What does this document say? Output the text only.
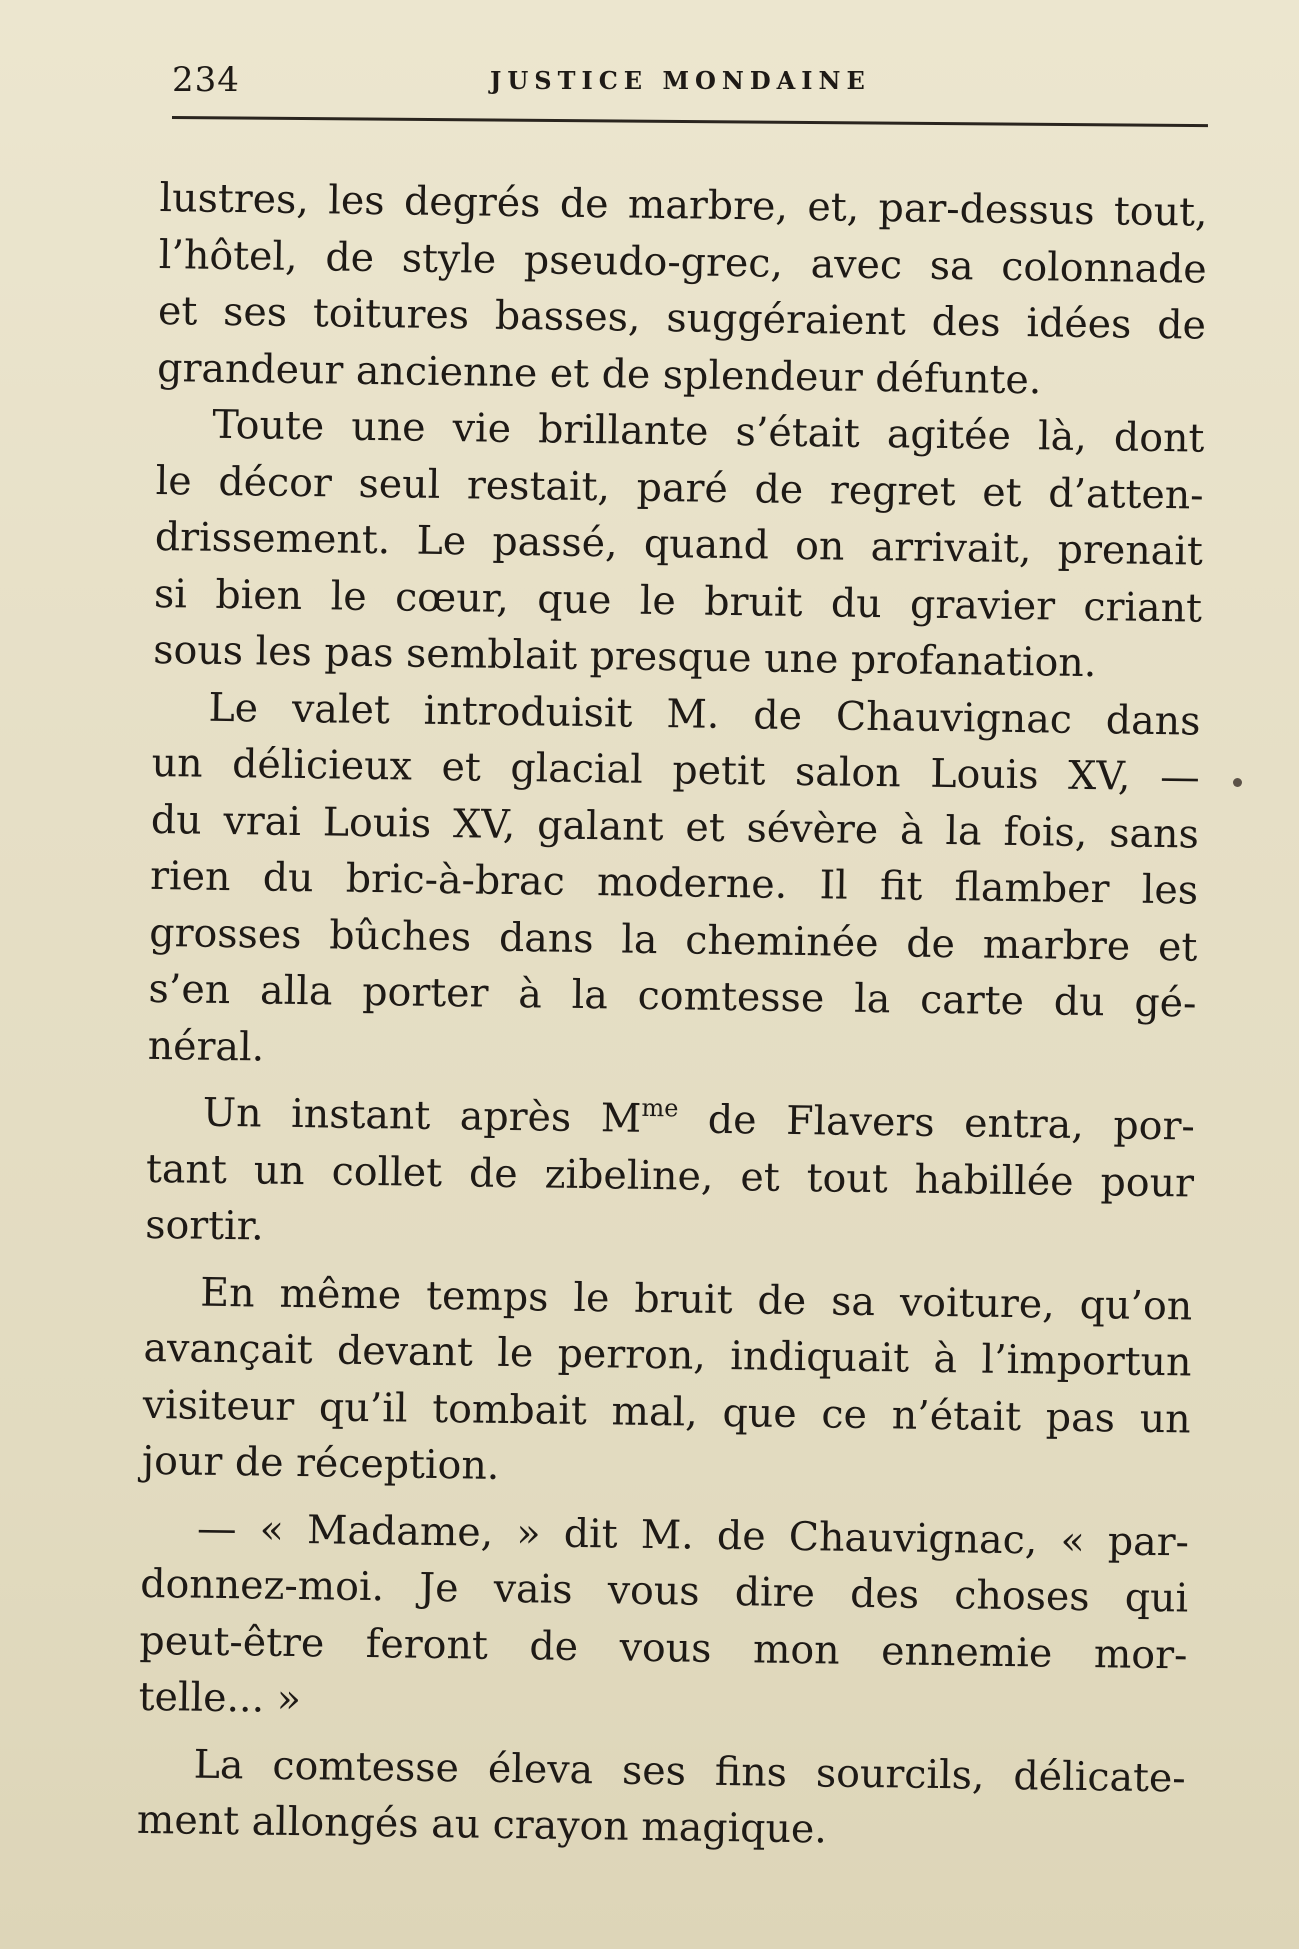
234	JUSTICE MONDAINE
lustres, les degrés de marbre, et, par-dessus tout,
l’hôtel, de style pseudo-grec, avec sa colonnade
et ses toitures basses, suggéraient des idées de
grandeur ancienne et de splendeur défunte.
Toute une vie brillante s’était agitée là, dont
le décor seul restait, paré de regret et d’atten-
drissement. Le passé, quand on arrivait, prenait
si bien le cœur, que le bruit du gravier criant
sous les pas semblait presque une profanation.
Le valet introduisit M. de Chauvignac dans
un délicieux et glacial petit salon Louis XV, —
du vrai Louis XV, galant et sévère à la fois, sans
rien du bric-à-brac moderne. Il fit flamber les
grosses bûches dans la cheminée de marbre et
s’en alla porter à la comtesse la carte du gé-
néral.
Un instant après $M^{me}$ de Flavers entra, por-
tant un collet de zibeline, et tout habillée pour
sortir.
En même temps le bruit de sa voiture, qu’on
avançait devant le perron, indiquait à l’importun
visiteur qu’il tombait mal, que ce n’était pas un
jour de réception.
— « Madame, » dit M. de Chauvignac, « par-
donnez-moi. Je vais vous dire des choses qui
peut-être feront de vous mon ennemie mor-
telle... »
La comtesse éleva ses fins sourcils, délicate-
ment allongés au crayon magique.
